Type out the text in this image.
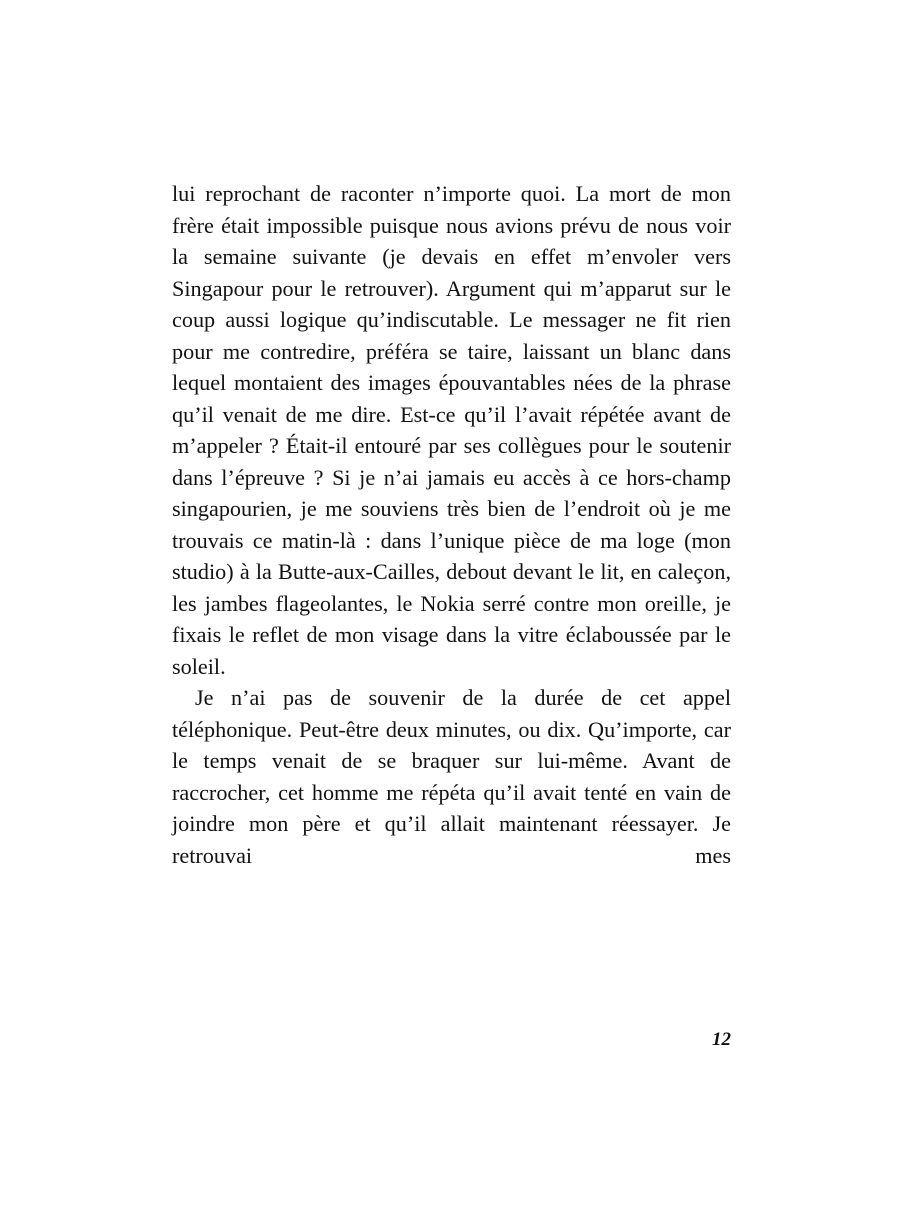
lui reprochant de raconter n’importe quoi. La mort de mon frère était impossible puisque nous avions prévu de nous voir la semaine suivante (je devais en effet m’envoler vers Singapour pour le retrouver). Argument qui m’apparut sur le coup aussi logique qu’indiscutable. Le messager ne fit rien pour me contredire, préféra se taire, laissant un blanc dans lequel montaient des images épouvantables nées de la phrase qu’il venait de me dire. Est-ce qu’il l’avait répétée avant de m’appeler ? Était-il entouré par ses collègues pour le soutenir dans l’épreuve ? Si je n’ai jamais eu accès à ce hors-champ singapourien, je me souviens très bien de l’endroit où je me trouvais ce matin-là : dans l’unique pièce de ma loge (mon studio) à la Butte-aux-Cailles, debout devant le lit, en caleçon, les jambes flageolantes, le Nokia serré contre mon oreille, je fixais le reflet de mon visage dans la vitre éclaboussée par le soleil.

Je n’ai pas de souvenir de la durée de cet appel téléphonique. Peut-être deux minutes, ou dix. Qu’importe, car le temps venait de se braquer sur lui-même. Avant de raccrocher, cet homme me répéta qu’il avait tenté en vain de joindre mon père et qu’il allait maintenant réessayer. Je retrouvai mes

12
